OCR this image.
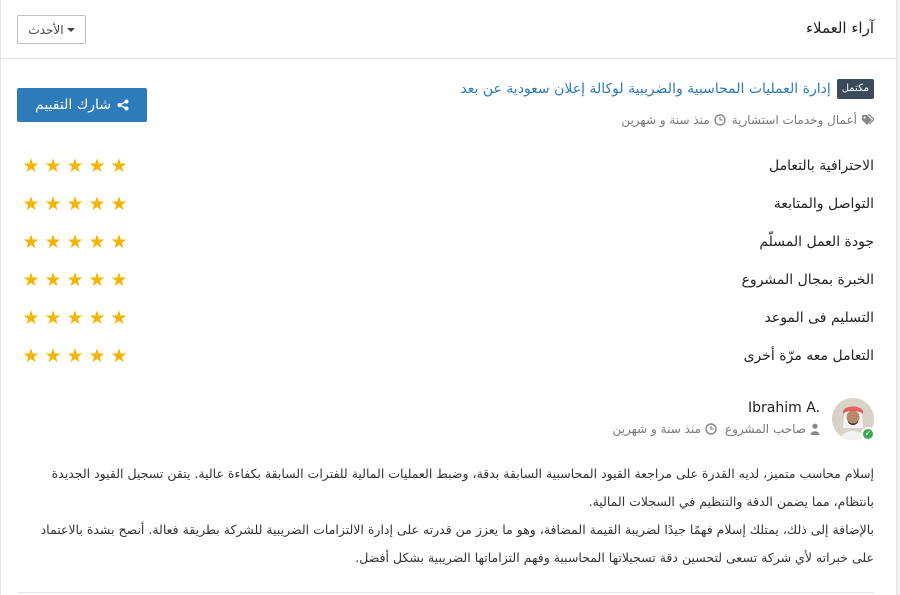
آراء العملاء
الأحدث
مكتمل
إدارة العمليات المحاسبية والضريبية لوكالة إعلان سعودية عن بعد
أعمال وخدمات استشارية
منذ سنة و شهرين
شارك التقييم
الاحترافية بالتعامل
★ ★ ★ ★ ★
التواصل والمتابعة
★ ★ ★ ★ ★
جودة العمل المسلّم
★ ★ ★ ★ ★
الخبرة بمجال المشروع
★ ★ ★ ★ ★
التسليم فى الموعد
★ ★ ★ ★ ★
التعامل معه مرّة أخرى
★ ★ ★ ★ ★
✓
Ibrahim A.
صاحب المشروع
منذ سنة و شهرين

إسلام محاسب متميز، لديه القدرة على مراجعة القيود المحاسبية السابقة بدقة، وضبط العمليات المالية للفترات السابقة بكفاءة عالية. يتقن تسجيل القيود الجديدة بانتظام، مما يضمن الدقة والتنظيم في السجلات المالية.

بالإضافة إلى ذلك، يمتلك إسلام فهمًا جيدًا لضريبة القيمة المضافة، وهو ما يعزز من قدرته على إدارة الالتزامات الضريبية للشركة بطريقة فعالة. أنصح بشدة بالاعتماد على خبراته لأي شركة تسعى لتحسين دقة تسجيلاتها المحاسبية وفهم التزاماتها الضريبية بشكل أفضل.
